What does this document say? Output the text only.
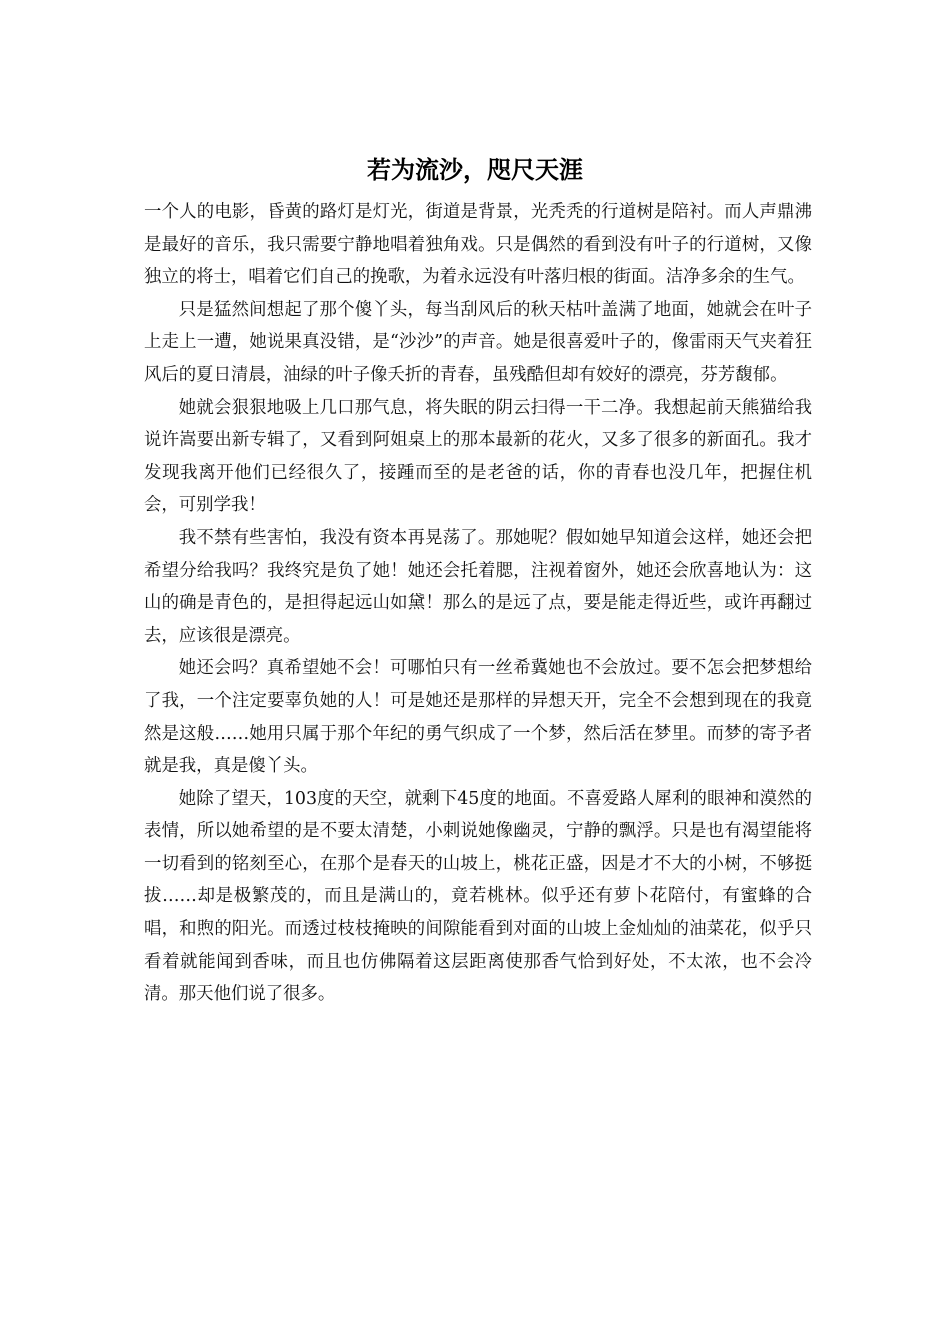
若为流沙，咫尺天涯

一个人的电影，昏黄的路灯是灯光，街道是背景，光秃秃的行道树是陪衬。而人声鼎沸是最好的音乐，我只需要宁静地唱着独角戏。只是偶然的看到没有叶子的行道树，又像独立的将士，唱着它们自己的挽歌，为着永远没有叶落归根的街面。洁净多余的生气。

只是猛然间想起了那个傻丫头，每当刮风后的秋天枯叶盖满了地面，她就会在叶子上走上一遭，她说果真没错，是“沙沙”的声音。她是很喜爱叶子的，像雷雨天气夹着狂风后的夏日清晨，油绿的叶子像夭折的青春，虽残酷但却有姣好的漂亮，芬芳馥郁。

她就会狠狠地吸上几口那气息，将失眠的阴云扫得一干二净。我想起前天熊猫给我说许嵩要出新专辑了，又看到阿姐桌上的那本最新的花火，又多了很多的新面孔。我才发现我离开他们已经很久了，接踵而至的是老爸的话，你的青春也没几年，把握住机会，可别学我！

我不禁有些害怕，我没有资本再晃荡了。那她呢？假如她早知道会这样，她还会把希望分给我吗？我终究是负了她！她还会托着腮，注视着窗外，她还会欣喜地认为：这山的确是青色的，是担得起远山如黛！那么的是远了点，要是能走得近些，或许再翻过去，应该很是漂亮。

她还会吗？真希望她不会！可哪怕只有一丝希冀她也不会放过。要不怎会把梦想给了我，一个注定要辜负她的人！可是她还是那样的异想天开，完全不会想到现在的我竟然是这般……她用只属于那个年纪的勇气织成了一个梦，然后活在梦里。而梦的寄予者就是我，真是傻丫头。

她除了望天，103度的天空，就剩下45度的地面。不喜爱路人犀利的眼神和漠然的表情，所以她希望的是不要太清楚，小刺说她像幽灵，宁静的飘浮。只是也有渴望能将一切看到的铭刻至心，在那个是春天的山坡上，桃花正盛，因是才不大的小树，不够挺拔……却是极繁茂的，而且是满山的，竟若桃林。似乎还有萝卜花陪付，有蜜蜂的合唱，和煦的阳光。而透过枝枝掩映的间隙能看到对面的山坡上金灿灿的油菜花，似乎只看着就能闻到香味，而且也仿佛隔着这层距离使那香气恰到好处，不太浓，也不会冷清。那天他们说了很多。
